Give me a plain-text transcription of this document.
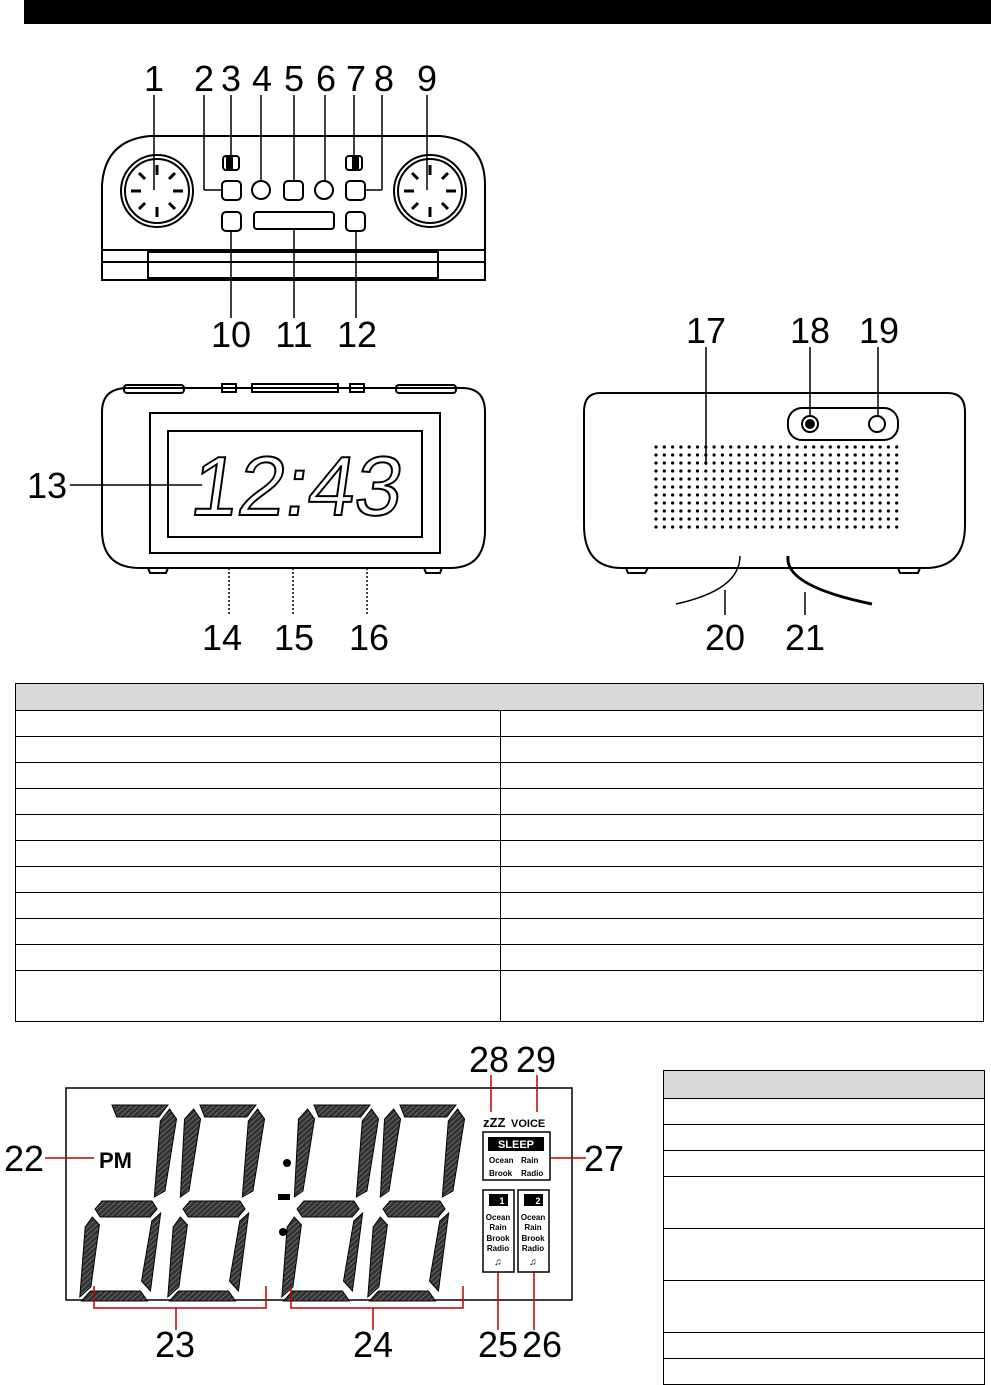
1 2 3 4 5 6 7 8 9
10 11 12
12:43
13
14 15 16
17 18 19
20 21

PM
zZZ VOICE
SLEEP
Ocean Rain
Brook Radio
1
Ocean
Rain
Brook
Radio
♫
2
Ocean
Rain
Brook
Radio
♫
22
23	24 25 26
27
28 29
